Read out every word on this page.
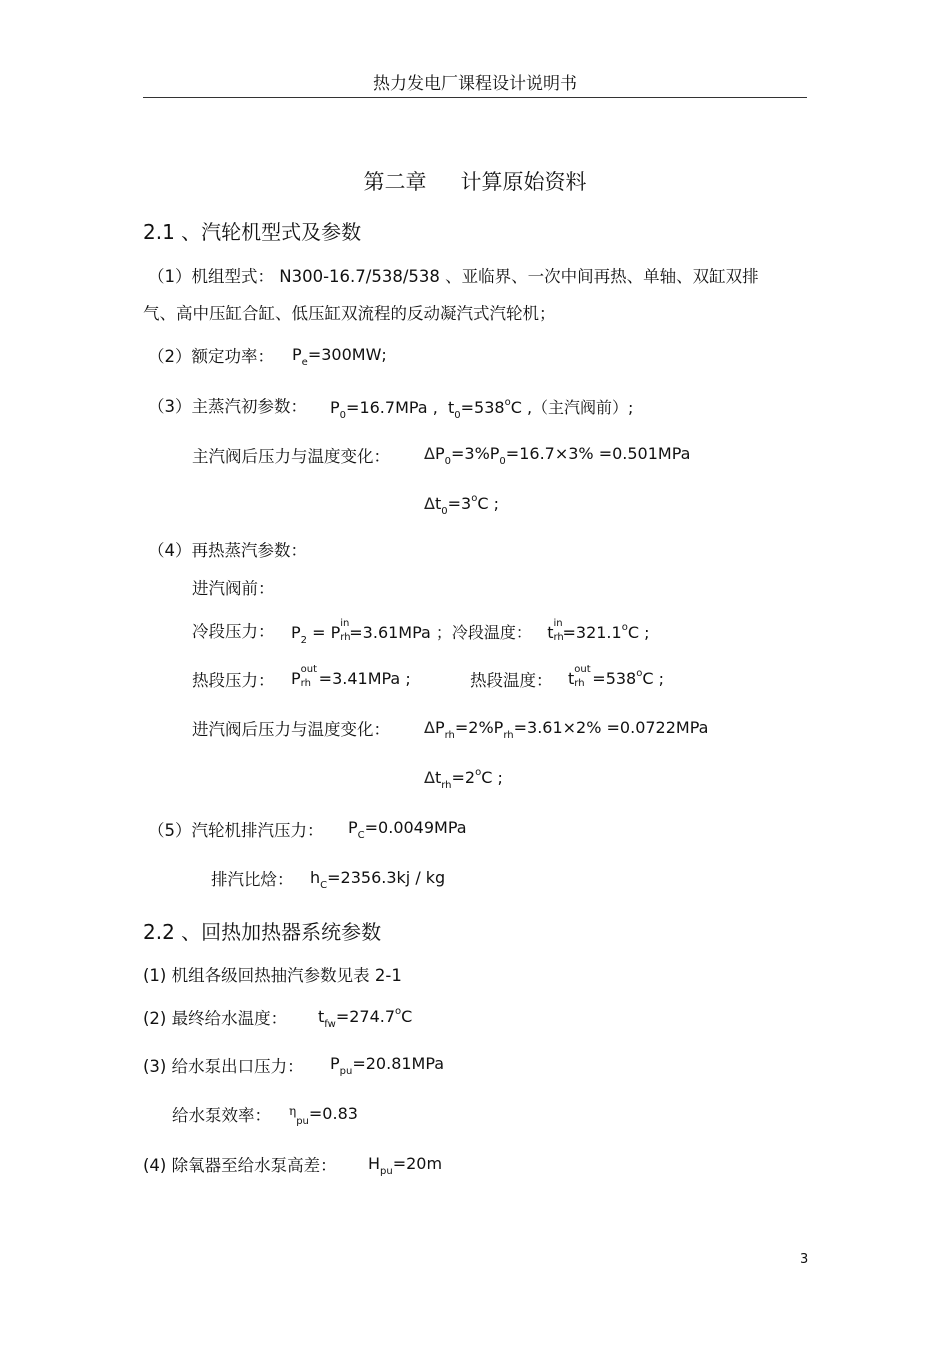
热力发电厂课程设计说明书
第二章 计算原始资料
2.1 、汽轮机型式及参数
（1）机组型式： N300-16.7/538/538 、亚临界、一次中间再热、单轴、双缸双排
气、高中压缸合缸、低压缸双流程的反动凝汽式汽轮机；
（2）额定功率： $P_e=300MW$;
（3）主蒸汽初参数： $P_0=16.7MPa$ , $t_0=538^oC$ ,（主汽阀前）;
主汽阀后压力与温度变化： $\Delta P_0=3\%P_0=16.7\times 3\% =0.501MPa$
$\Delta t_0=3^oC$ ;
（4）再热蒸汽参数：
进汽阀前：
冷段压力： $P_2 = P$ in
rh
=3.61MPa ；冷段温度： t in
rh
$=321.1^oC$ ;
热段压力： P out
rh =3.41MPa ;	热段温度： t out
rh $=538^oC$ ;
进汽阀后压力与温度变化： $\Delta P_{rh}=2\%P_{rh}=3.61\times 2\% =0.0722MPa$
$\Delta t_{rh}=2^oC$ ;
（5）汽轮机排汽压力： $P_C=0.0049MPa$
排汽比焓： $h_C=2356.3kj$ / kg
2.2 、回热加热器系统参数
(1) 机组各级回热抽汽参数见表 2-1
(2) 最终给水温度： $t_{fw}=274.7^oC$
(3) 给水泵出口压力： $P_{pu}=20.81MPa$
给水泵效率： $^\eta_{pu}$=0.83
(4) 除氧器至给水泵高差： $H_{pu}=20m$
3
